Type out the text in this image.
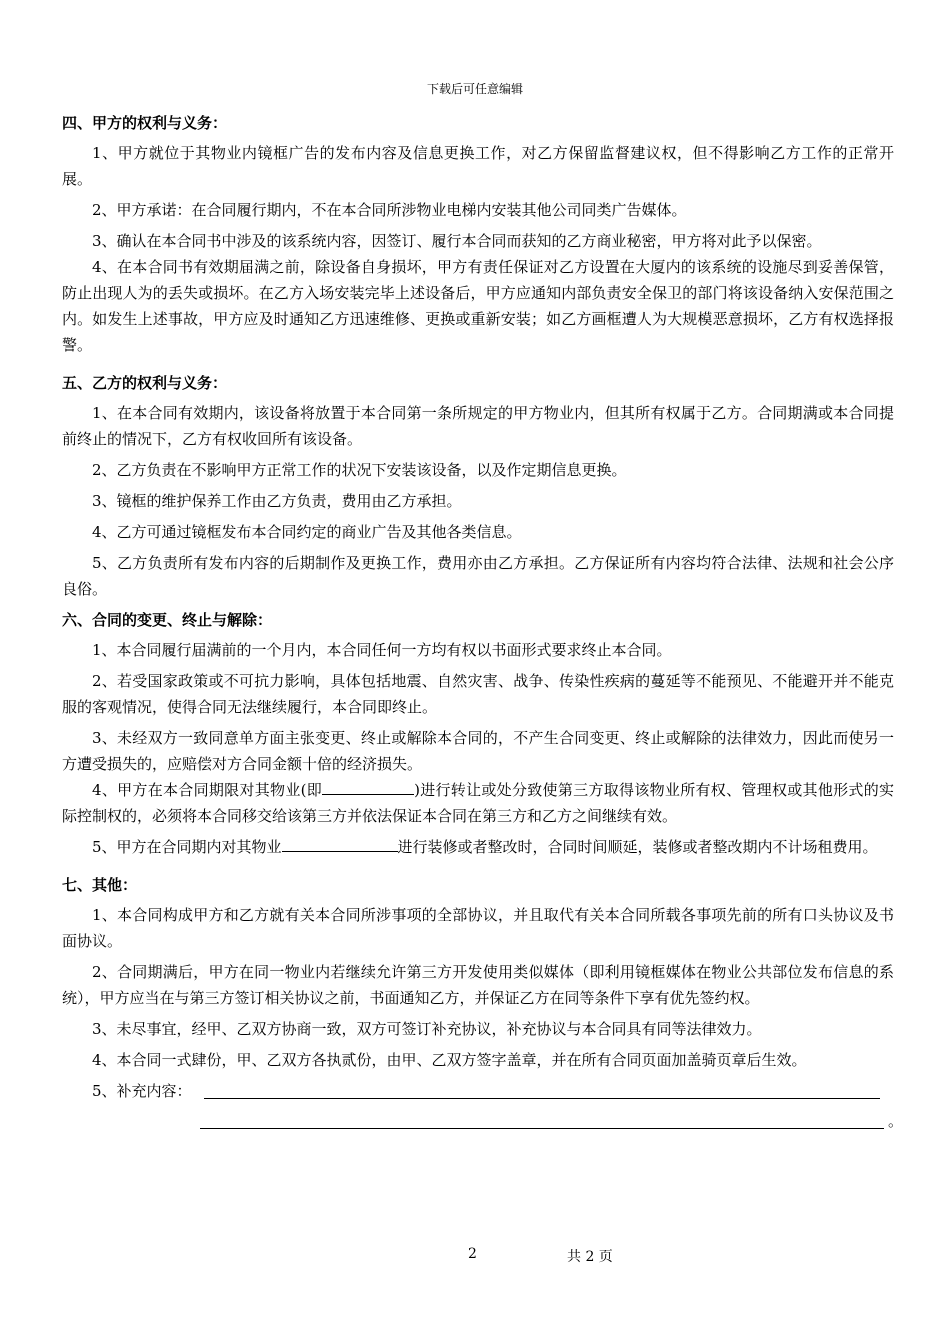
下载后可任意编辑
四、甲方的权利与义务：
1、甲方就位于其物业内镜框广告的发布内容及信息更换工作，对乙方保留监督建议权，但不得影响乙方工作的正常开展。
2、甲方承诺：在合同履行期内，不在本合同所涉物业电梯内安装其他公司同类广告媒体。
3、确认在本合同书中涉及的该系统内容，因签订、履行本合同而获知的乙方商业秘密，甲方将对此予以保密。
4、在本合同书有效期届满之前，除设备自身损坏，甲方有责任保证对乙方设置在大厦内的该系统的设施尽到妥善保管，防止出现人为的丢失或损坏。在乙方入场安装完毕上述设备后，甲方应通知内部负责安全保卫的部门将该设备纳入安保范围之内。如发生上述事故，甲方应及时通知乙方迅速维修、更换或重新安装；如乙方画框遭人为大规模恶意损坏，乙方有权选择报警。
五、乙方的权利与义务：
1、在本合同有效期内，该设备将放置于本合同第一条所规定的甲方物业内，但其所有权属于乙方。合同期满或本合同提前终止的情况下，乙方有权收回所有该设备。
2、乙方负责在不影响甲方正常工作的状况下安装该设备，以及作定期信息更换。
3、镜框的维护保养工作由乙方负责，费用由乙方承担。
4、乙方可通过镜框发布本合同约定的商业广告及其他各类信息。
5、乙方负责所有发布内容的后期制作及更换工作，费用亦由乙方承担。乙方保证所有内容均符合法律、法规和社会公序良俗。
六、合同的变更、终止与解除：
1、本合同履行届满前的一个月内，本合同任何一方均有权以书面形式要求终止本合同。
2、若受国家政策或不可抗力影响，具体包括地震、自然灾害、战争、传染性疾病的蔓延等不能预见、不能避开并不能克服的客观情况，使得合同无法继续履行，本合同即终止。
3、未经双方一致同意单方面主张变更、终止或解除本合同的，不产生合同变更、终止或解除的法律效力，因此而使另一方遭受损失的，应赔偿对方合同金额十倍的经济损失。
4、甲方在本合同期限对其物业(即	)进行转让或处分致使第三方取得该物业所有权、管理权或其他形式的实际控制权的，必须将本合同移交给该第三方并依法保证本合同在第三方和乙方之间继续有效。
5、甲方在合同期内对其物业	进行装修或者整改时，合同时间顺延，装修或者整改期内不计场租费用。
七、其他：
1、本合同构成甲方和乙方就有关本合同所涉事项的全部协议，并且取代有关本合同所载各事项先前的所有口头协议及书面协议。
2、合同期满后，甲方在同一物业内若继续允许第三方开发使用类似媒体（即利用镜框媒体在物业公共部位发布信息的系统），甲方应当在与第三方签订相关协议之前，书面通知乙方，并保证乙方在同等条件下享有优先签约权。
3、未尽事宜，经甲、乙双方协商一致，双方可签订补充协议，补充协议与本合同具有同等法律效力。
4、本合同一式肆份，甲、乙双方各执贰份，由甲、乙双方签字盖章，并在所有合同页面加盖骑页章后生效。
5、补充内容：
。
2	共 2 页
